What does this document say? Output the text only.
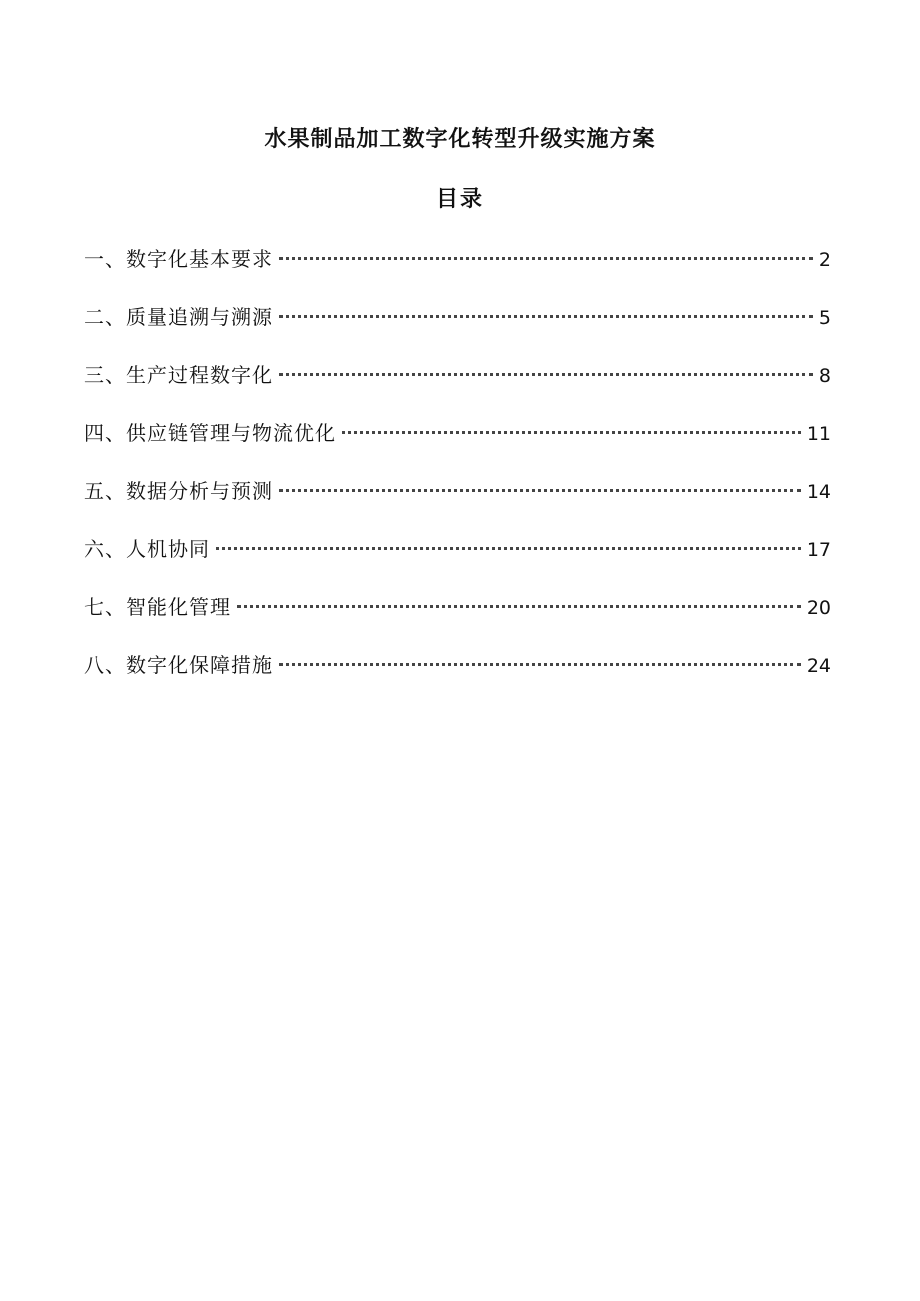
水果制品加工数字化转型升级实施方案
目录
一、数字化基本要求	2
二、质量追溯与溯源	5
三、生产过程数字化	8
四、供应链管理与物流优化	11
五、数据分析与预测	14
六、人机协同	17
七、智能化管理	20
八、数字化保障措施	24
